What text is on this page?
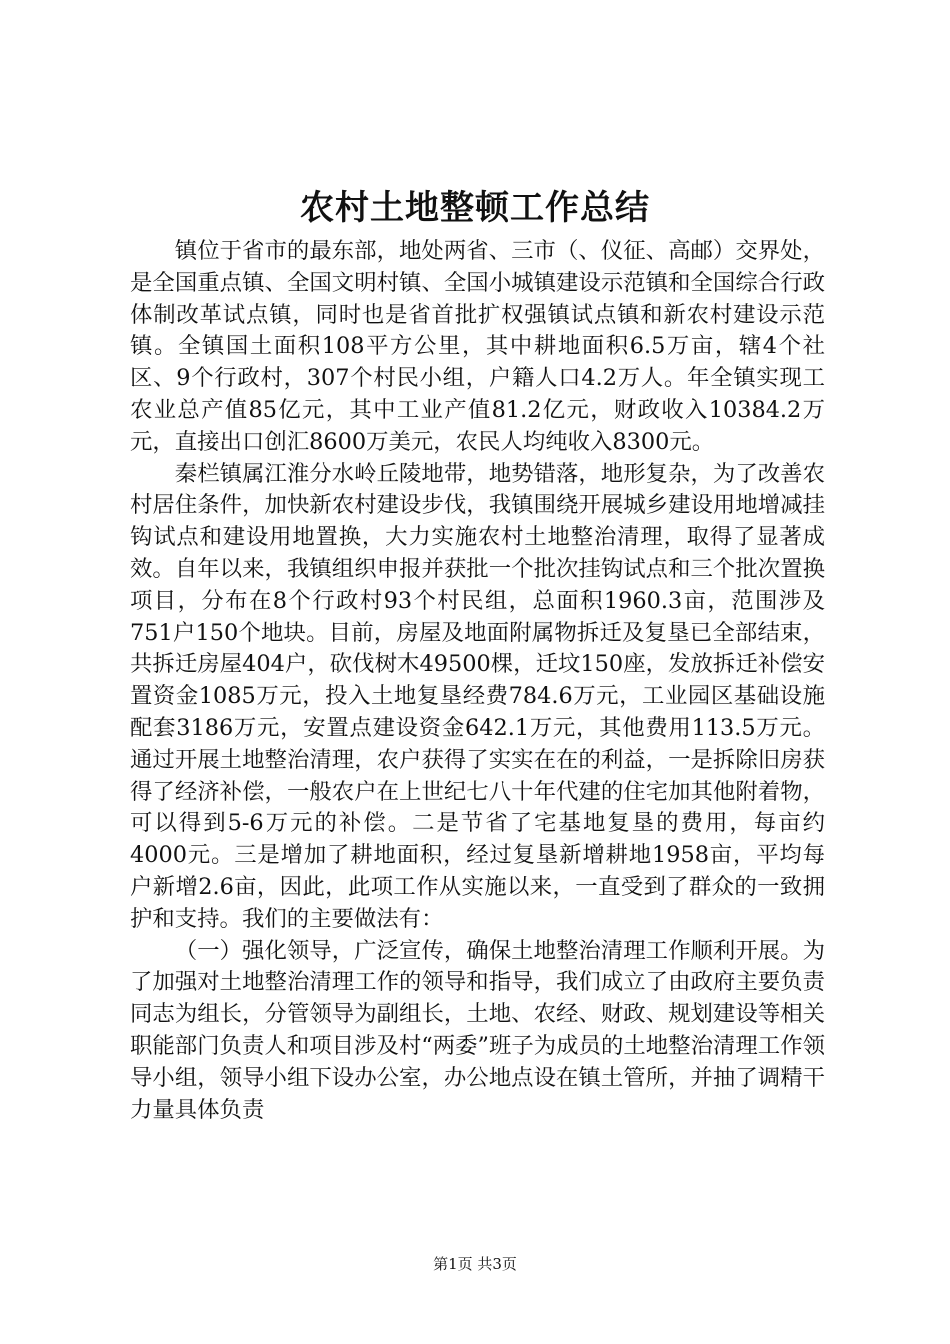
农村土地整顿工作总结

镇位于省市的最东部，地处两省、三市（、仪征、高邮）交界处，是全国重点镇、全国文明村镇、全国小城镇建设示范镇和全国综合行政体制改革试点镇，同时也是省首批扩权强镇试点镇和新农村建设示范镇。全镇国土面积108平方公里，其中耕地面积6.5万亩，辖4个社区、9个行政村，307个村民小组，户籍人口4.2万人。年全镇实现工农业总产值85亿元，其中工业产值81.2亿元，财政收入10384.2万元，直接出口创汇8600万美元，农民人均纯收入8300元。

秦栏镇属江淮分水岭丘陵地带，地势错落，地形复杂，为了改善农村居住条件，加快新农村建设步伐，我镇围绕开展城乡建设用地增减挂钩试点和建设用地置换，大力实施农村土地整治清理，取得了显著成效。自年以来，我镇组织申报并获批一个批次挂钩试点和三个批次置换项目，分布在8个行政村93个村民组，总面积1960.3亩，范围涉及751户150个地块。目前，房屋及地面附属物拆迁及复垦已全部结束，共拆迁房屋404户，砍伐树木49500棵，迁坟150座，发放拆迁补偿安置资金1085万元，投入土地复垦经费784.6万元，工业园区基础设施配套3186万元，安置点建设资金642.1万元，其他费用113.5万元。通过开展土地整治清理，农户获得了实实在在的利益，一是拆除旧房获得了经济补偿，一般农户在上世纪七八十年代建的住宅加其他附着物，可以得到5-6万元的补偿。二是节省了宅基地复垦的费用，每亩约4000元。三是增加了耕地面积，经过复垦新增耕地1958亩，平均每户新增2.6亩，因此，此项工作从实施以来，一直受到了群众的一致拥护和支持。我们的主要做法有：

（一）强化领导，广泛宣传，确保土地整治清理工作顺利开展。为了加强对土地整治清理工作的领导和指导，我们成立了由政府主要负责同志为组长，分管领导为副组长，土地、农经、财政、规划建设等相关职能部门负责人和项目涉及村“两委”班子为成员的土地整治清理工作领导小组，领导小组下设办公室，办公地点设在镇土管所，并抽了调精干力量具体负责

第1页 共3页
